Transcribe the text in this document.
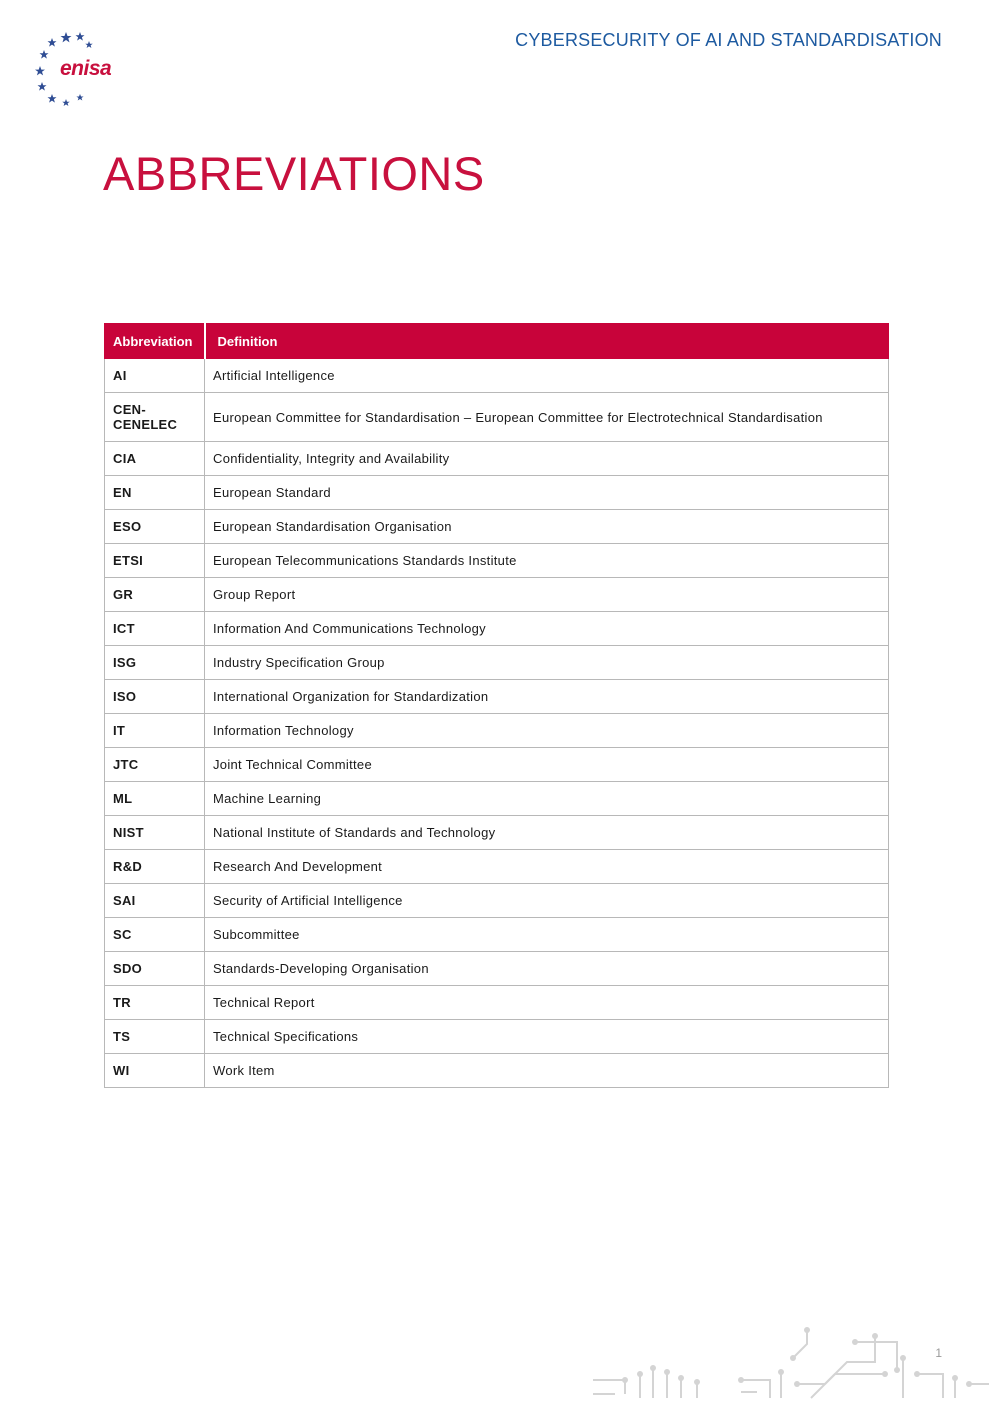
enisa
CYBERSECURITY OF AI AND STANDARDISATION
ABBREVIATIONS
Abbreviation	Definition
AI	Artificial Intelligence
CEN-CENELEC	European Committee for Standardisation – European Committee for Electrotechnical Standardisation
CIA	Confidentiality, Integrity and Availability
EN	European Standard
ESO	European Standardisation Organisation
ETSI	European Telecommunications Standards Institute
GR	Group Report
ICT	Information And Communications Technology
ISG	Industry Specification Group
ISO	International Organization for Standardization
IT	Information Technology
JTC	Joint Technical Committee
ML	Machine Learning
NIST	National Institute of Standards and Technology
R&D	Research And Development
SAI	Security of Artificial Intelligence
SC	Subcommittee
SDO	Standards-Developing Organisation
TR	Technical Report
TS	Technical Specifications
WI	Work Item
1
